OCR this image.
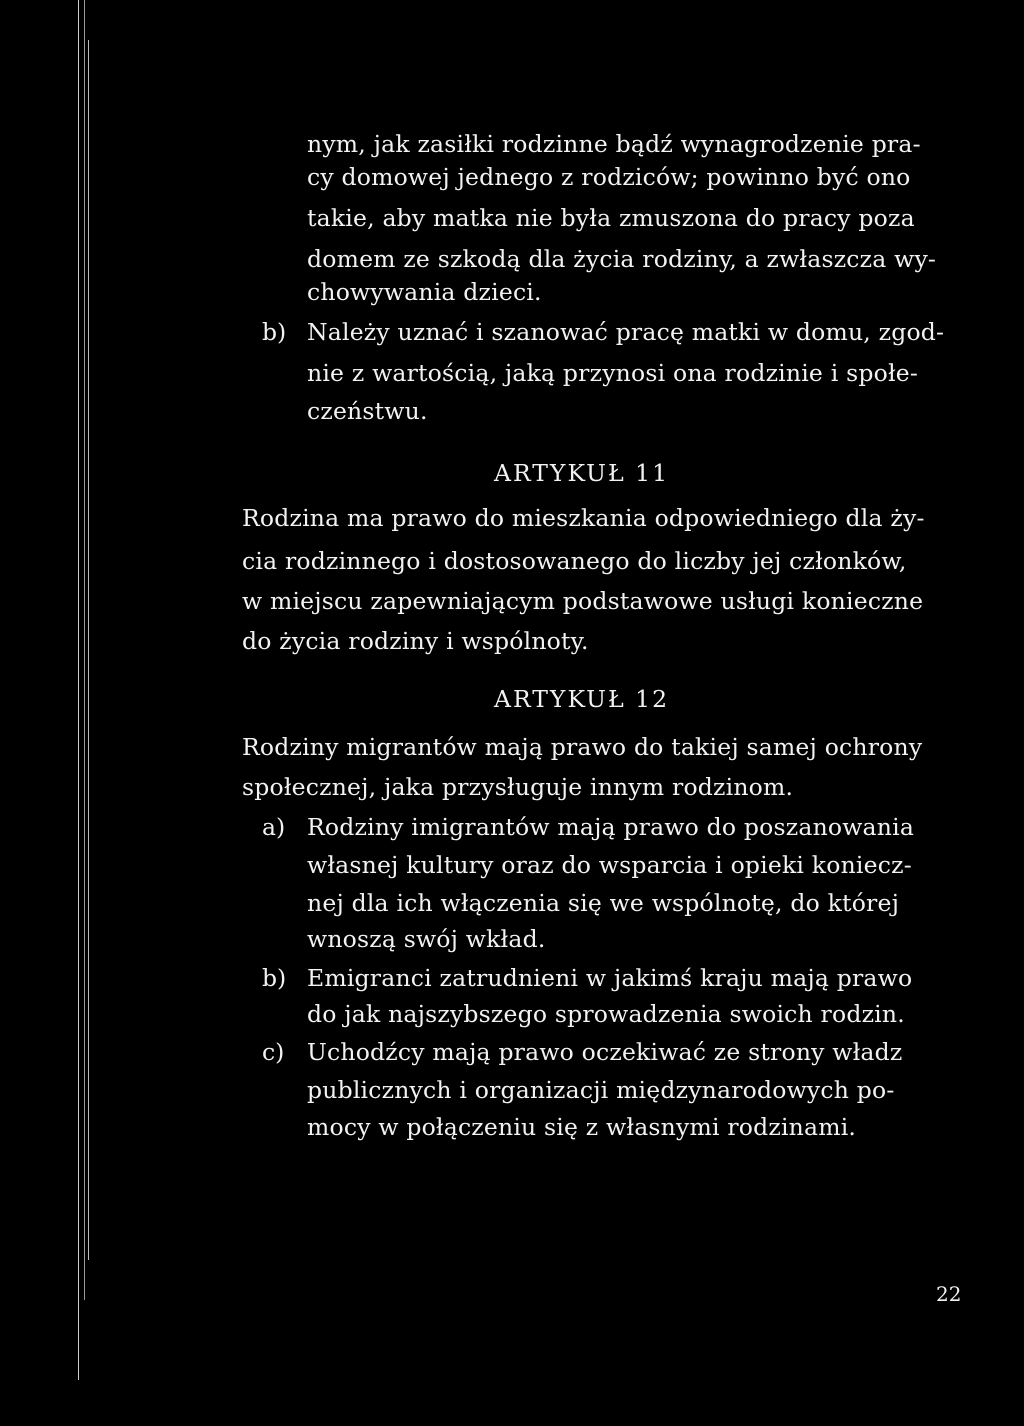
nym, jak zasiłki rodzinne bądź wynagrodzenie pra-
cy domowej jednego z rodziców; powinno być ono
takie, aby matka nie była zmuszona do pracy poza
domem ze szkodą dla życia rodziny, a zwłaszcza wy-
chowywania dzieci.
b) Należy uznać i szanować pracę matki w domu, zgod-
nie z wartością, jaką przynosi ona rodzinie i społe-
czeństwu.
ARTYKUŁ 11
Rodzina ma prawo do mieszkania odpowiedniego dla ży-
cia rodzinnego i dostosowanego do liczby jej członków,
w miejscu zapewniającym podstawowe usługi konieczne
do życia rodziny i wspólnoty.
ARTYKUŁ 12
Rodziny migrantów mają prawo do takiej samej ochrony
społecznej, jaka przysługuje innym rodzinom.
a) Rodziny imigrantów mają prawo do poszanowania
własnej kultury oraz do wsparcia i opieki koniecz-
nej dla ich włączenia się we wspólnotę, do której
wnoszą swój wkład.
b) Emigranci zatrudnieni w jakimś kraju mają prawo
do jak najszybszego sprowadzenia swoich rodzin.
c) Uchodźcy mają prawo oczekiwać ze strony władz
publicznych i organizacji międzynarodowych po-
mocy w połączeniu się z własnymi rodzinami.
22
